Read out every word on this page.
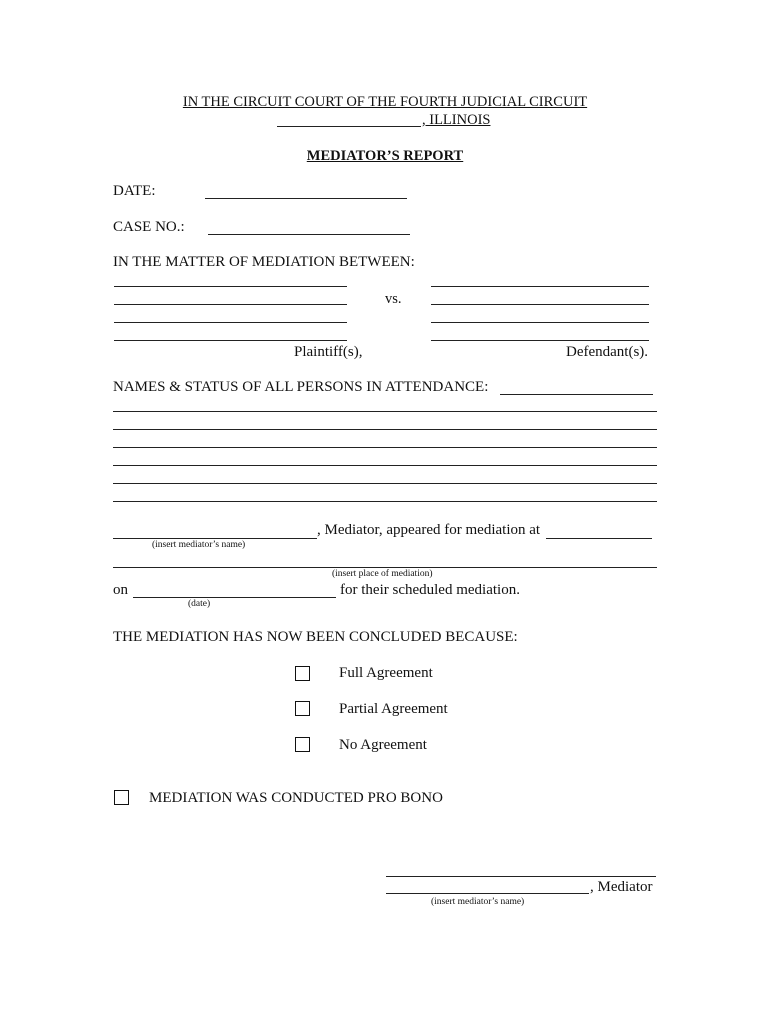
IN THE CIRCUIT COURT OF THE FOURTH JUDICIAL CIRCUIT
, ILLINOIS
MEDIATOR’S REPORT
DATE:
CASE NO.:
IN THE MATTER OF MEDIATION BETWEEN:
vs.
Plaintiff(s),	Defendant(s).
NAMES & STATUS OF ALL PERSONS IN ATTENDANCE:
, Mediator, appeared for mediation at
(insert mediator’s name)
(insert place of mediation)
on	for their scheduled mediation.
(date)
THE MEDIATION HAS NOW BEEN CONCLUDED BECAUSE:
Full Agreement
Partial Agreement
No Agreement
MEDIATION WAS CONDUCTED PRO BONO
, Mediator
(insert mediator’s name)
